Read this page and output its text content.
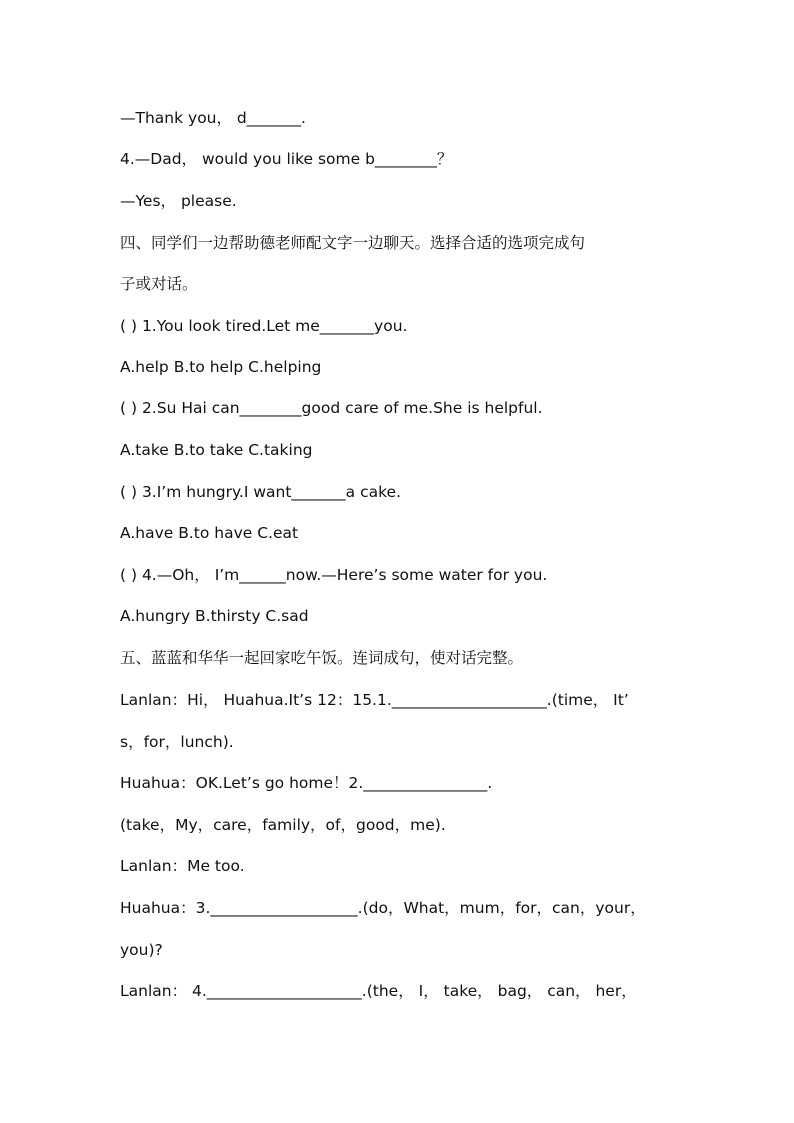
—Thank you， d_______.
4.—Dad， would you like some b________？
—Yes， please.
四、同学们一边帮助德老师配文字一边聊天。选择合适的选项完成句
子或对话。
( ) 1.You look tired.Let me_______you.
A.help B.to help C.helping
( ) 2.Su Hai can________good care of me.She is helpful.
A.take B.to take C.taking
( ) 3.I’m hungry.I want_______a cake.
A.have B.to have C.eat
( ) 4.—Oh， I’m______now.—Here’s some water for you.
A.hungry B.thirsty C.sad
五、蓝蓝和华华一起回家吃午饭。连词成句，使对话完整。
Lanlan：Hi， Huahua.It’s 12：15.1.____________________.(time， It’
s，for，lunch).
Huahua：OK.Let’s go home！2.________________.
(take，My，care，family，of，good，me).
Lanlan：Me too.
Huahua：3.___________________.(do，What，mum，for，can，your，
you)?
Lanlan： 4.____________________.(the， I， take， bag， can， her，
